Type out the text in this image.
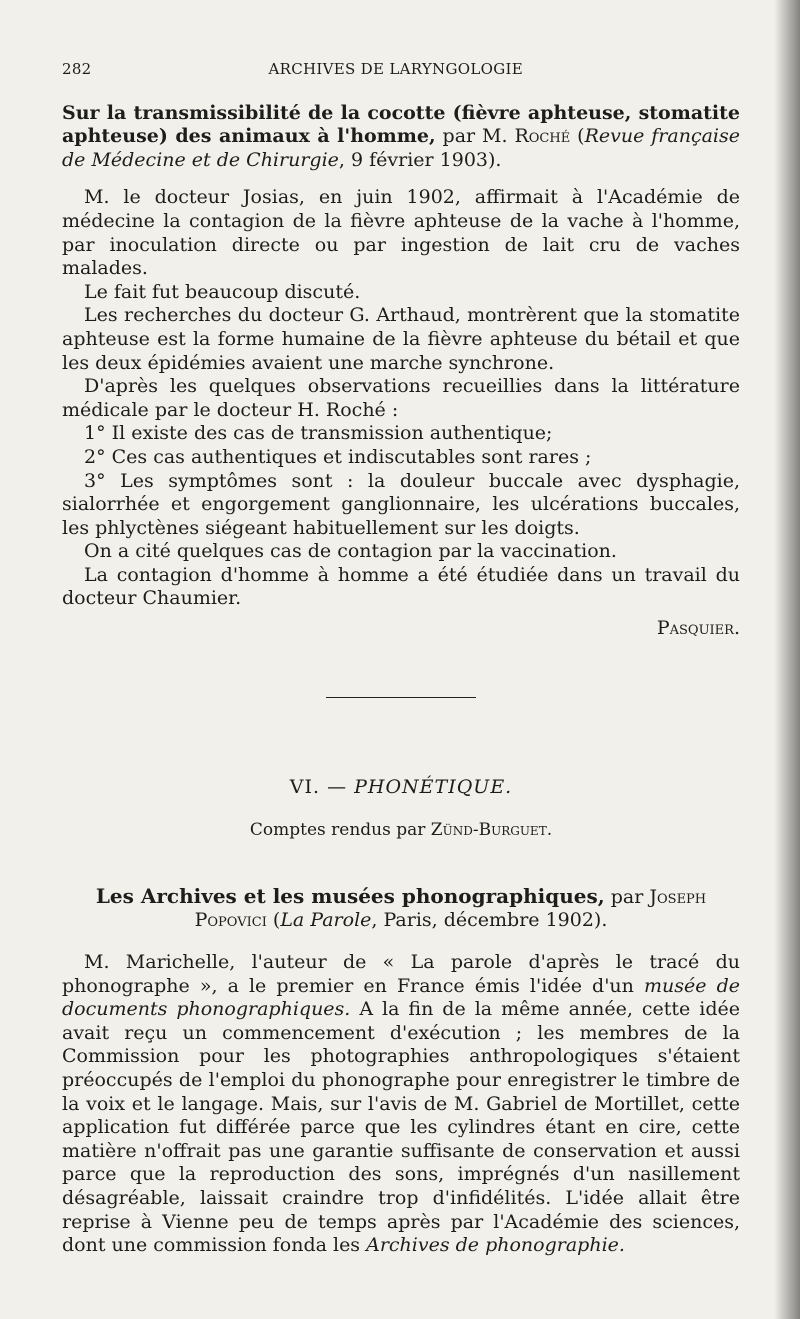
282	ARCHIVES DE LARYNGOLOGIE

Sur la transmissibilité de la cocotte (fièvre aphteuse, stomatite aphteuse) des animaux à l'homme, par M. Roché (Revue française de Médecine et de Chirurgie, 9 février 1903).

M. le docteur Josias, en juin 1902, affirmait à l'Académie de médecine la contagion de la fièvre aphteuse de la vache à l'homme, par inoculation directe ou par ingestion de lait cru de vaches malades.

Le fait fut beaucoup discuté.

Les recherches du docteur G. Arthaud, montrèrent que la stomatite aphteuse est la forme humaine de la fièvre aphteuse du bétail et que les deux épidémies avaient une marche synchrone.

D'après les quelques observations recueillies dans la littérature médicale par le docteur H. Roché :

1° Il existe des cas de transmission authentique;

2° Ces cas authentiques et indiscutables sont rares ;

3° Les symptômes sont : la douleur buccale avec dysphagie, sialorrhée et engorgement ganglionnaire, les ulcérations buccales, les phlyctènes siégeant habituellement sur les doigts.

On a cité quelques cas de contagion par la vaccination.

La contagion d'homme à homme a été étudiée dans un travail du docteur Chaumier.

Pasquier.
VI. — PHONÉTIQUE.
Comptes rendus par Zünd-Burguet.
Les Archives et les musées phonographiques, par Joseph Popovici (La Parole, Paris, décembre 1902).

M. Marichelle, l'auteur de « La parole d'après le tracé du phonographe », a le premier en France émis l'idée d'un musée de documents phonographiques. A la fin de la même année, cette idée avait reçu un commencement d'exécution ; les membres de la Commission pour les photographies anthropologiques s'étaient préoccupés de l'emploi du phonographe pour enregistrer le timbre de la voix et le langage. Mais, sur l'avis de M. Gabriel de Mortillet, cette application fut différée parce que les cylindres étant en cire, cette matière n'offrait pas une garantie suffisante de conservation et aussi parce que la reproduction des sons, imprégnés d'un nasillement désagréable, laissait craindre trop d'infidélités. L'idée allait être reprise à Vienne peu de temps après par l'Académie des sciences, dont une commission fonda les Archives de phonographie.
